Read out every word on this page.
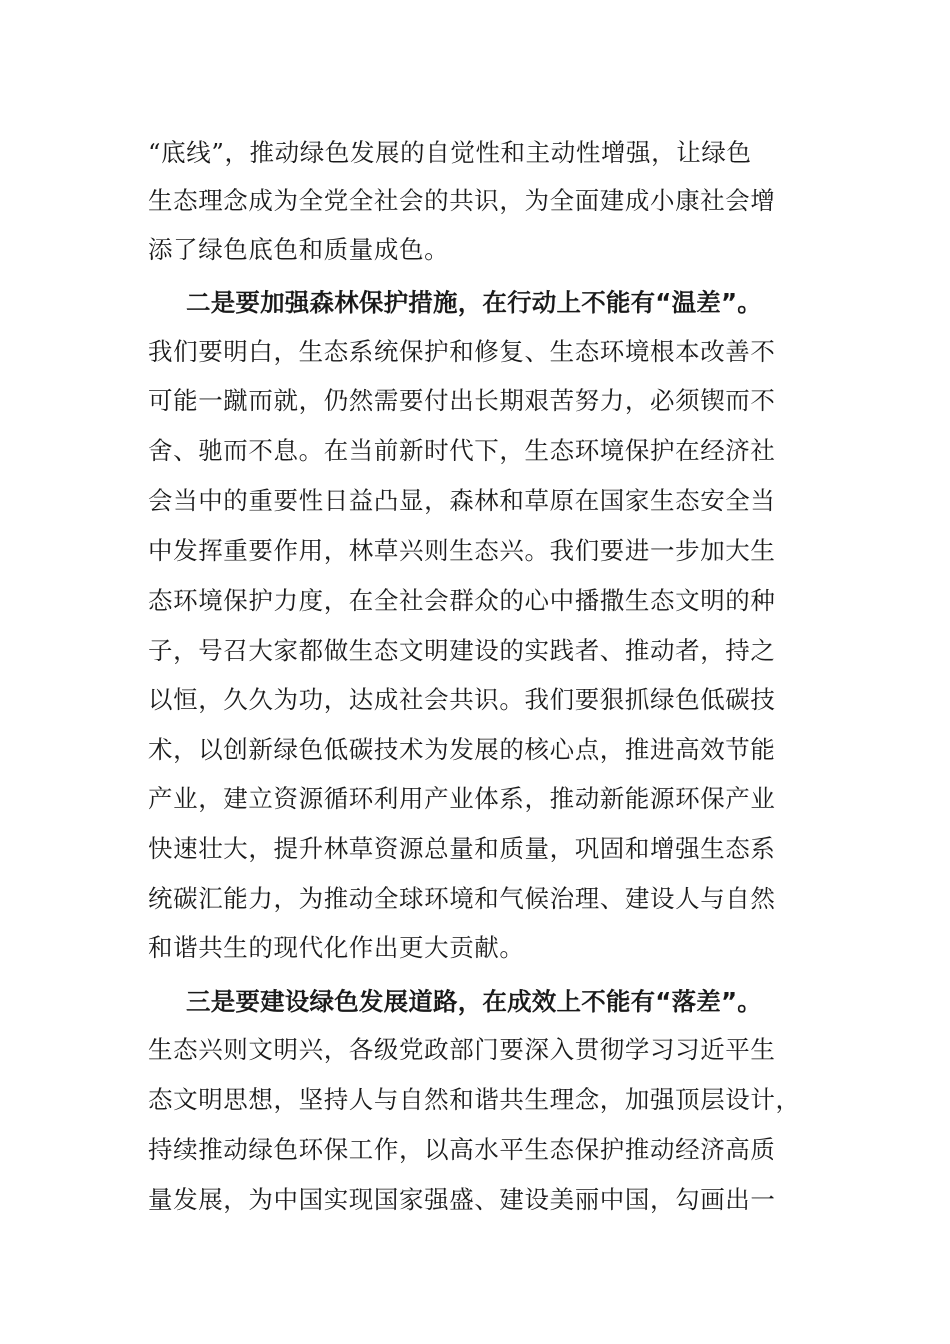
“底线”，推动绿色发展的自觉性和主动性增强，让绿色
生态理念成为全党全社会的共识，为全面建成小康社会增
添了绿色底色和质量成色。
二是要加强森林保护措施，在行动上不能有“温差”。
我们要明白，生态系统保护和修复、生态环境根本改善不
可能一蹴而就，仍然需要付出长期艰苦努力，必须锲而不
舍、驰而不息。在当前新时代下，生态环境保护在经济社
会当中的重要性日益凸显，森林和草原在国家生态安全当
中发挥重要作用，林草兴则生态兴。我们要进一步加大生
态环境保护力度，在全社会群众的心中播撒生态文明的种
子，号召大家都做生态文明建设的实践者、推动者，持之
以恒，久久为功，达成社会共识。我们要狠抓绿色低碳技
术，以创新绿色低碳技术为发展的核心点，推进高效节能
产业，建立资源循环利用产业体系，推动新能源环保产业
快速壮大，提升林草资源总量和质量，巩固和增强生态系
统碳汇能力，为推动全球环境和气候治理、建设人与自然
和谐共生的现代化作出更大贡献。
三是要建设绿色发展道路，在成效上不能有“落差”。
生态兴则文明兴，各级党政部门要深入贯彻学习习近平生
态文明思想，坚持人与自然和谐共生理念，加强顶层设计，
持续推动绿色环保工作，以高水平生态保护推动经济高质
量发展，为中国实现国家强盛、建设美丽中国，勾画出一
